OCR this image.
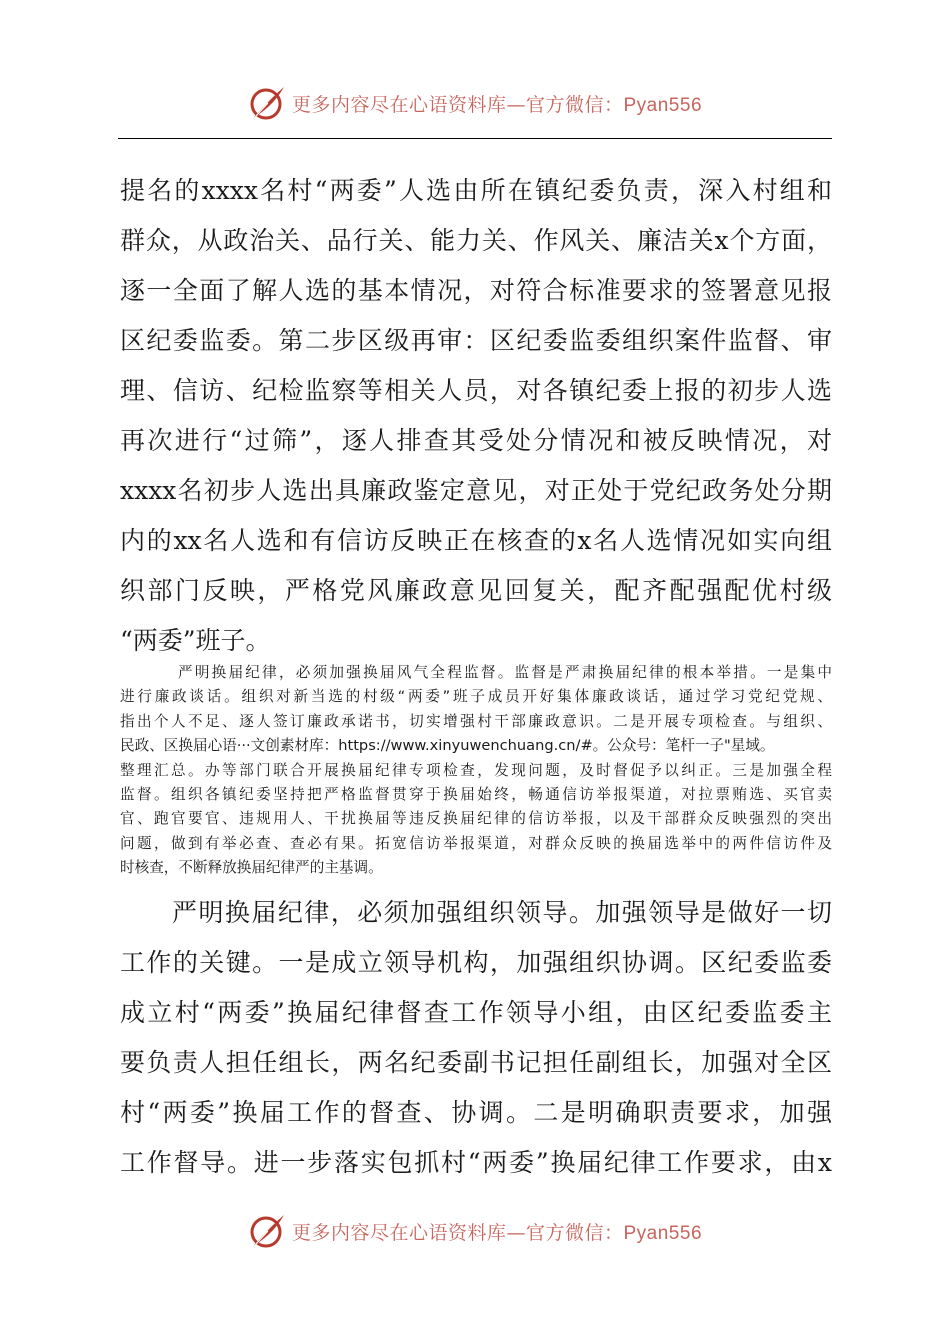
更多内容尽在心语资料库—官方微信：Pyan556
提名的xxxx名村“两委”人选由所在镇纪委负责，深入村组和
群众，从政治关、品行关、能力关、作风关、廉洁关x个方面，
逐一全面了解人选的基本情况，对符合标准要求的签署意见报
区纪委监委。第二步区级再审：区纪委监委组织案件监督、审
理、信访、纪检监察等相关人员，对各镇纪委上报的初步人选
再次进行“过筛”，逐人排查其受处分情况和被反映情况，对
xxxx名初步人选出具廉政鉴定意见，对正处于党纪政务处分期
内的xx名人选和有信访反映正在核查的x名人选情况如实向组
织部门反映，严格党风廉政意见回复关，配齐配强配优村级
“两委”班子。
严明换届纪律，必须加强换届风气全程监督。监督是严肃换届纪律的根本举措。一是集中
进行廉政谈话。组织对新当选的村级“两委”班子成员开好集体廉政谈话，通过学习党纪党规、
指出个人不足、逐人签订廉政承诺书，切实增强村干部廉政意识。二是开展专项检查。与组织、
民政、区换届心语···文创素材库：https://www.xinyuwenchuang.cn/#。公众号：笔杆一子"星域。
整理汇总。办等部门联合开展换届纪律专项检查，发现问题，及时督促予以纠正。三是加强全程
监督。组织各镇纪委坚持把严格监督贯穿于换届始终，畅通信访举报渠道，对拉票贿选、买官卖
官、跑官要官、违规用人、干扰换届等违反换届纪律的信访举报，以及干部群众反映强烈的突出
问题，做到有举必查、查必有果。拓宽信访举报渠道，对群众反映的换届选举中的两件信访件及
时核查，不断释放换届纪律严的主基调。
严明换届纪律，必须加强组织领导。加强领导是做好一切
工作的关键。一是成立领导机构，加强组织协调。区纪委监委
成立村“两委”换届纪律督查工作领导小组，由区纪委监委主
要负责人担任组长，两名纪委副书记担任副组长，加强对全区
村“两委”换届工作的督查、协调。二是明确职责要求，加强
工作督导。进一步落实包抓村“两委”换届纪律工作要求，由x
更多内容尽在心语资料库—官方微信：Pyan556
